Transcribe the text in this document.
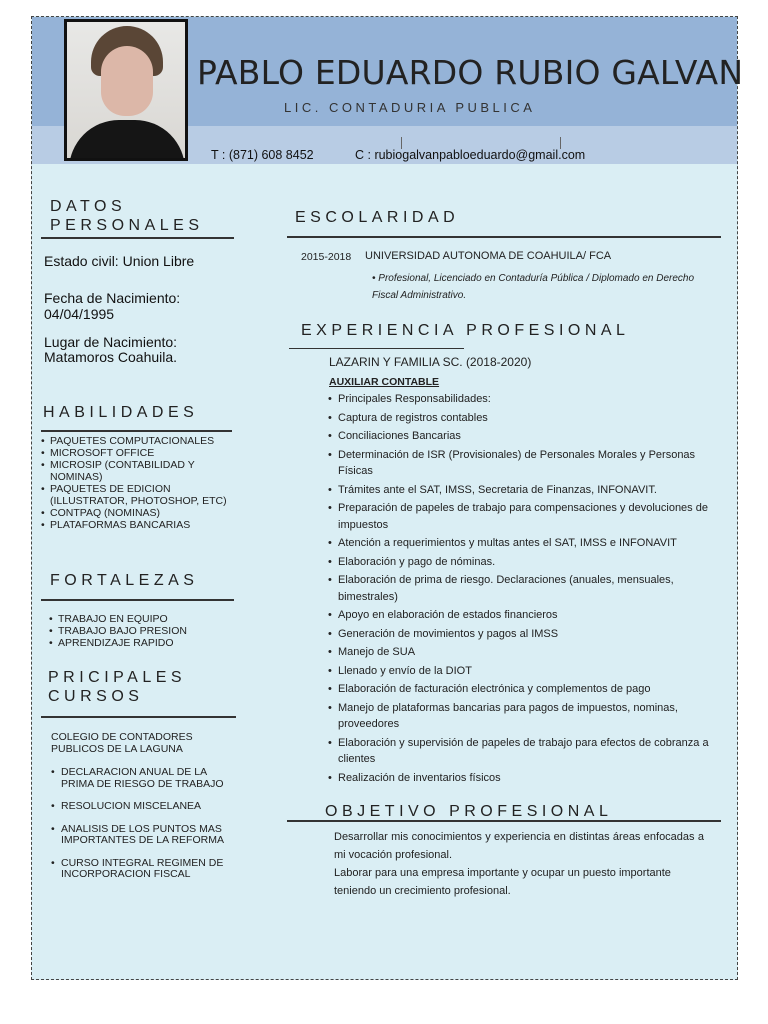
PABLO EDUARDO RUBIO GALVAN
LIC. CONTADURIA PUBLICA
T : (871) 608 8452	C : rubiogalvanpabloeduardo@gmail.com
DATOS
PERSONALES
Estado civil: Union Libre
Fecha de Nacimiento:
04/04/1995
Lugar de Nacimiento:
Matamoros Coahuila.
HABILIDADES
• PAQUETES COMPUTACIONALES
• MICROSOFT OFFICE
• MICROSIP (CONTABILIDAD Y NOMINAS)
• PAQUETES DE EDICION (ILLUSTRATOR, PHOTOSHOP, ETC)
• CONTPAQ (NOMINAS)
• PLATAFORMAS BANCARIAS
FORTALEZAS
• TRABAJO EN EQUIPO
• TRABAJO BAJO PRESION
• APRENDIZAJE RAPIDO
PRICIPALES
CURSOS
COLEGIO DE CONTADORES PUBLICOS DE LA LAGUNA
• DECLARACION ANUAL DE LA PRIMA DE RIESGO DE TRABAJO
• RESOLUCION MISCELANEA
• ANALISIS DE LOS PUNTOS MAS IMPORTANTES DE LA REFORMA
• CURSO INTEGRAL REGIMEN DE INCORPORACION FISCAL
ESCOLARIDAD
2015-2018 UNIVERSIDAD AUTONOMA DE COAHUILA/ FCA
• Profesional, Licenciado en Contaduría Pública / Diplomado en Derecho Fiscal Administrativo.
EXPERIENCIA PROFESIONAL
LAZARIN Y FAMILIA SC. (2018-2020)
AUXILIAR CONTABLE
• Principales Responsabilidades:
• Captura de registros contables
• Conciliaciones Bancarias
• Determinación de ISR (Provisionales) de Personales Morales y Personas Físicas
• Trámites ante el SAT, IMSS, Secretaria de Finanzas, INFONAVIT.
• Preparación de papeles de trabajo para compensaciones y devoluciones de impuestos
• Atención a requerimientos y multas antes el SAT, IMSS e INFONAVIT
• Elaboración y pago de nóminas.
• Elaboración de prima de riesgo. Declaraciones (anuales, mensuales, bimestrales)
• Apoyo en elaboración de estados financieros
• Generación de movimientos y pagos al IMSS
• Manejo de SUA
• Llenado y envío de la DIOT
• Elaboración de facturación electrónica y complementos de pago
• Manejo de plataformas bancarias para pagos de impuestos, nominas, proveedores
• Elaboración y supervisión de papeles de trabajo para efectos de cobranza a clientes
• Realización de inventarios físicos
OBJETIVO PROFESIONAL
Desarrollar mis conocimientos y experiencia en distintas áreas enfocadas a mi vocación profesional.
Laborar para una empresa importante y ocupar un puesto importante teniendo un crecimiento profesional.
